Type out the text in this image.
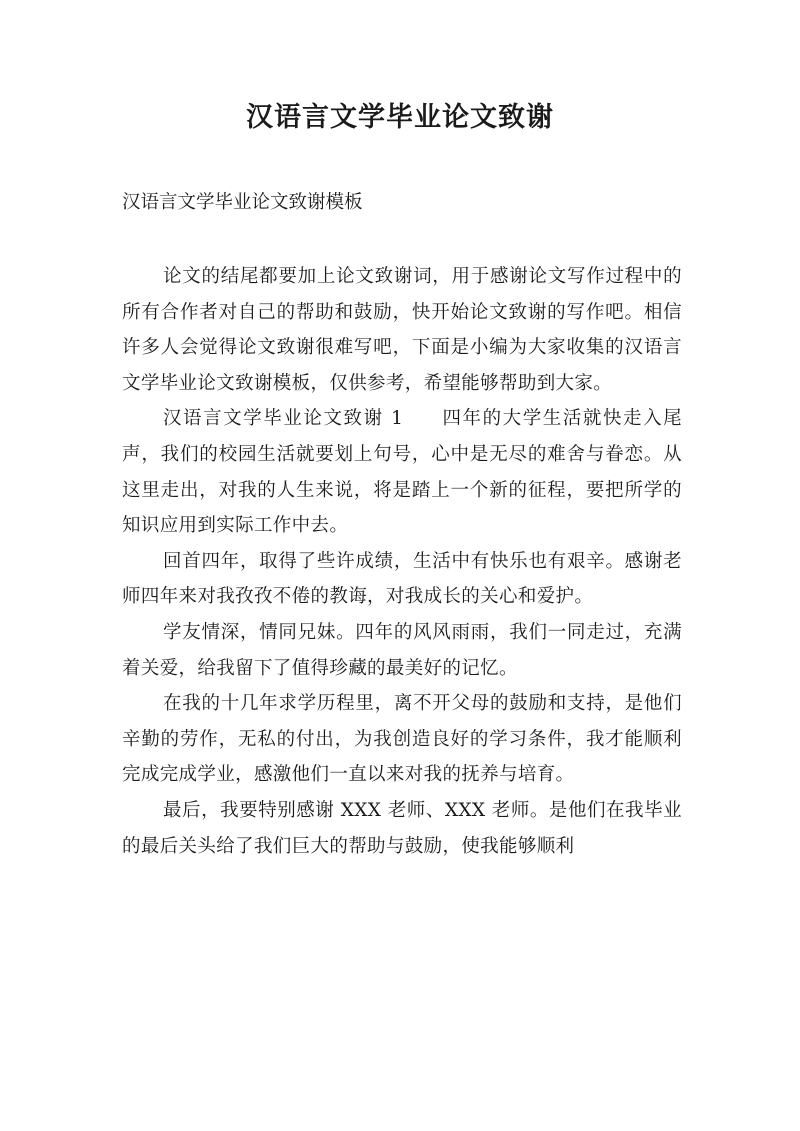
汉语言文学毕业论文致谢

汉语言文学毕业论文致谢模板

论文的结尾都要加上论文致谢词，用于感谢论文写作过程中的所有合作者对自己的帮助和鼓励，快开始论文致谢的写作吧。相信许多人会觉得论文致谢很难写吧，下面是小编为大家收集的汉语言文学毕业论文致谢模板，仅供参考，希望能够帮助到大家。

汉语言文学毕业论文致谢 1 四年的大学生活就快走入尾声，我们的校园生活就要划上句号，心中是无尽的难舍与眷恋。从这里走出，对我的人生来说，将是踏上一个新的征程，要把所学的知识应用到实际工作中去。

回首四年，取得了些许成绩，生活中有快乐也有艰辛。感谢老师四年来对我孜孜不倦的教诲，对我成长的关心和爱护。

学友情深，情同兄妹。四年的风风雨雨，我们一同走过，充满着关爱，给我留下了值得珍藏的最美好的记忆。

在我的十几年求学历程里，离不开父母的鼓励和支持，是他们辛勤的劳作，无私的付出，为我创造良好的学习条件，我才能顺利完成完成学业，感激他们一直以来对我的抚养与培育。

最后，我要特别感谢 XXX 老师、XXX 老师。是他们在我毕业的最后关头给了我们巨大的帮助与鼓励，使我能够顺利
